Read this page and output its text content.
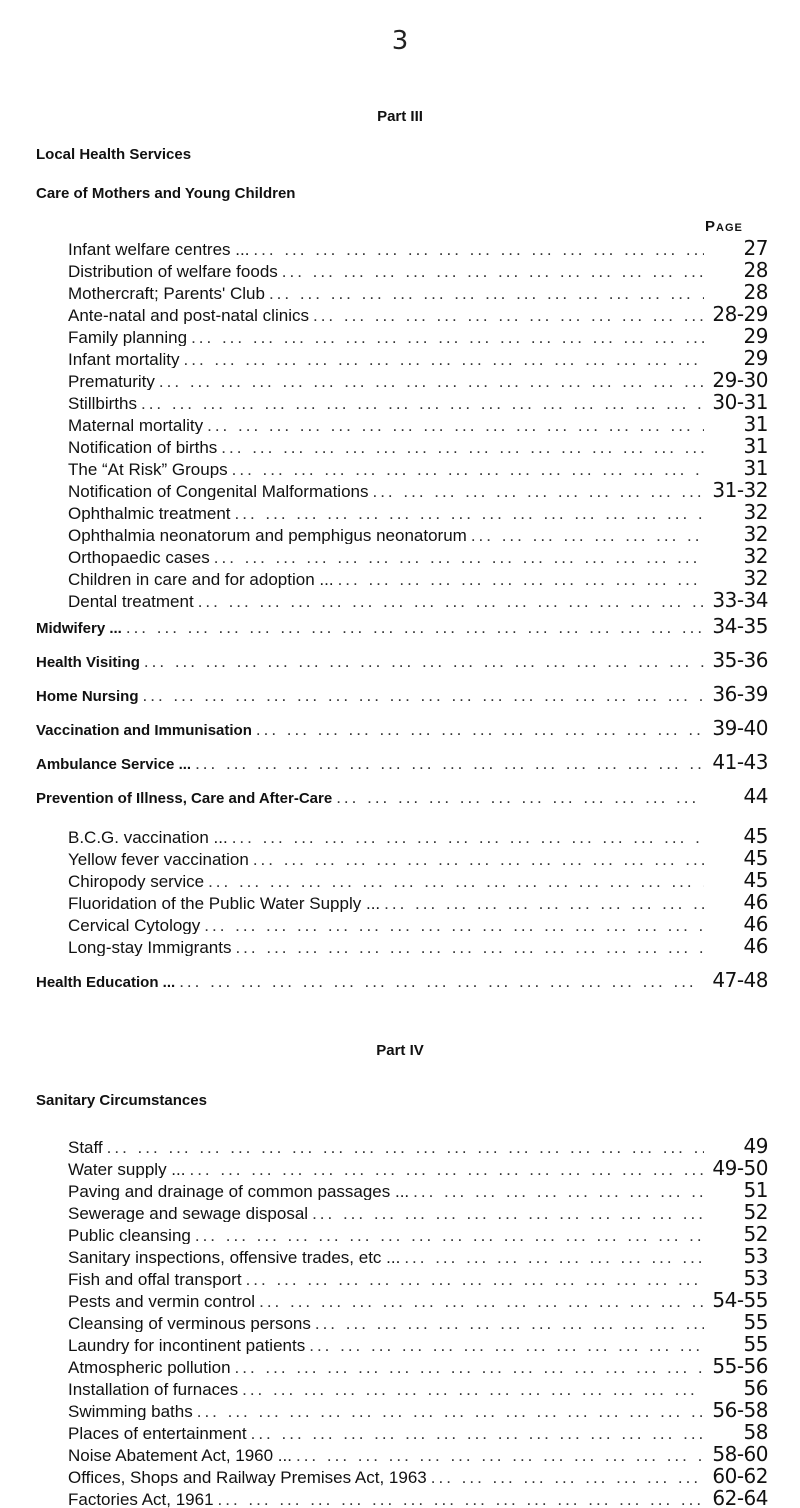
3
Part III
Local Health Services
Care of Mothers and Young Children
Page
Infant welfare centres ... ... .	27
Distribution of welfare foods ... .	28
Mothercraft; Parents' Club ... .	28
Ante-natal and post-natal clinics ... .	28-29
Family planning ... .	29
Infant mortality ... .	29
Prematurity ... .	29-30
Stillbirths ... .	30-31
Maternal mortality ... .	31
Notification of births ... .	31
The “At Risk” Groups ... .	31
Notification of Congenital Malformations ... .	31-32
Ophthalmic treatment ... .	32
Ophthalmia neonatorum and pemphigus neonatorum ... .	32
Orthopaedic cases ... .	32
Children in care and for adoption ... ... .	32
Dental treatment ... .	33-34
Midwifery ... ... .	34-35
Health Visiting ... .	35-36
Home Nursing ... .	36-39
Vaccination and Immunisation ... .	39-40
Ambulance Service ... ... .	41-43
Prevention of Illness, Care and After-Care ... .	44
B.C.G. vaccination ... ... .	45
Yellow fever vaccination ... .	45
Chiropody service ... .	45
Fluoridation of the Public Water Supply ... ... .	46
Cervical Cytology ... .	46
Long-stay Immigrants ... .	46
Health Education ... ... .	47-48
Part IV
Sanitary Circumstances
Staff ... .	49
Water supply ... ... .	49-50
Paving and drainage of common passages ... ... .	51
Sewerage and sewage disposal ... .	52
Public cleansing ... .	52
Sanitary inspections, offensive trades, etc ... ... .	53
Fish and offal transport ... .	53
Pests and vermin control ... .	54-55
Cleansing of verminous persons ... .	55
Laundry for incontinent patients ... .	55
Atmospheric pollution ... .	55-56
Installation of furnaces ... .	56
Swimming baths ... .	56-58
Places of entertainment ... .	58
Noise Abatement Act, 1960 ... ... .	58-60
Offices, Shops and Railway Premises Act, 1963 ... .	60-62
Factories Act, 1961 ... .	62-64
